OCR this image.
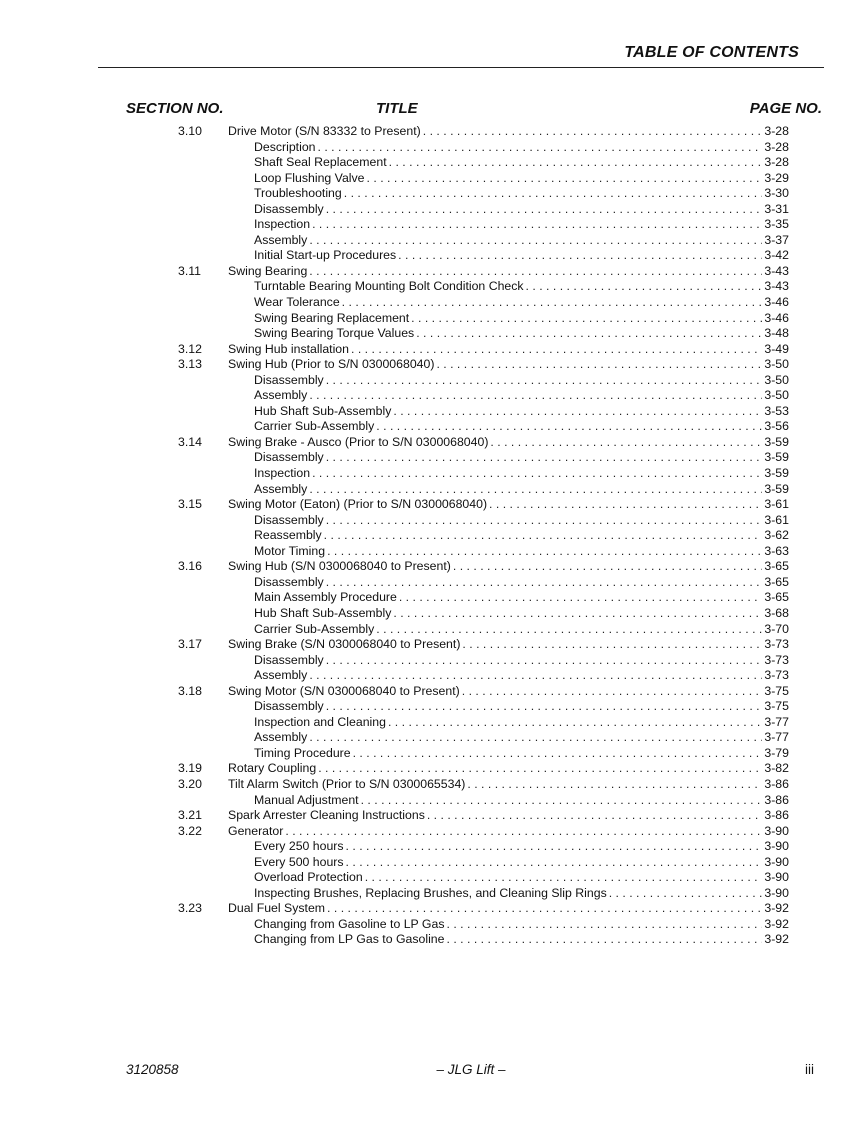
TABLE OF CONTENTS
SECTION NO.	TITLE	PAGE NO.
3.10 Drive Motor (S/N 83332 to Present) . . .	3-28
Description . . .	3-28
Shaft Seal Replacement . . .	3-28
Loop Flushing Valve . . .	3-29
Troubleshooting . . .	3-30
Disassembly . . .	3-31
Inspection . . .	3-35
Assembly . . .	3-37
Initial Start-up Procedures . . .	3-42
3.11 Swing Bearing . . .	3-43
Turntable Bearing Mounting Bolt Condition Check . . .	3-43
Wear Tolerance . . .	3-46
Swing Bearing Replacement . . .	3-46
Swing Bearing Torque Values . . .	3-48
3.12 Swing Hub installation . . .	3-49
3.13 Swing Hub (Prior to S/N 0300068040) . . .	3-50
Disassembly . . .	3-50
Assembly . . .	3-50
Hub Shaft Sub-Assembly . . .	3-53
Carrier Sub-Assembly . . .	3-56
3.14 Swing Brake - Ausco (Prior to S/N 0300068040) . . .	3-59
Disassembly . . .	3-59
Inspection . . .	3-59
Assembly . . .	3-59
3.15 Swing Motor (Eaton) (Prior to S/N 0300068040) . . .	3-61
Disassembly . . .	3-61
Reassembly . . .	3-62
Motor Timing . . .	3-63
3.16 Swing Hub (S/N 0300068040 to Present) . . .	3-65
Disassembly . . .	3-65
Main Assembly Procedure . . .	3-65
Hub Shaft Sub-Assembly . . .	3-68
Carrier Sub-Assembly . . .	3-70
3.17 Swing Brake (S/N 0300068040 to Present) . . .	3-73
Disassembly . . .	3-73
Assembly . . .	3-73
3.18 Swing Motor (S/N 0300068040 to Present) . . .	3-75
Disassembly . . .	3-75
Inspection and Cleaning . . .	3-77
Assembly . . .	3-77
Timing Procedure . . .	3-79
3.19 Rotary Coupling . . .	3-82
3.20 Tilt Alarm Switch (Prior to S/N 0300065534) . . .	3-86
Manual Adjustment . . .	3-86
3.21 Spark Arrester Cleaning Instructions . . .	3-86
3.22 Generator . . .	3-90
Every 250 hours . . .	3-90
Every 500 hours . . .	3-90
Overload Protection . . .	3-90
Inspecting Brushes, Replacing Brushes, and Cleaning Slip Rings . . .	3-90
3.23 Dual Fuel System . . .	3-92
Changing from Gasoline to LP Gas . . .	3-92
Changing from LP Gas to Gasoline . . .	3-92
3120858	– JLG Lift –	iii
